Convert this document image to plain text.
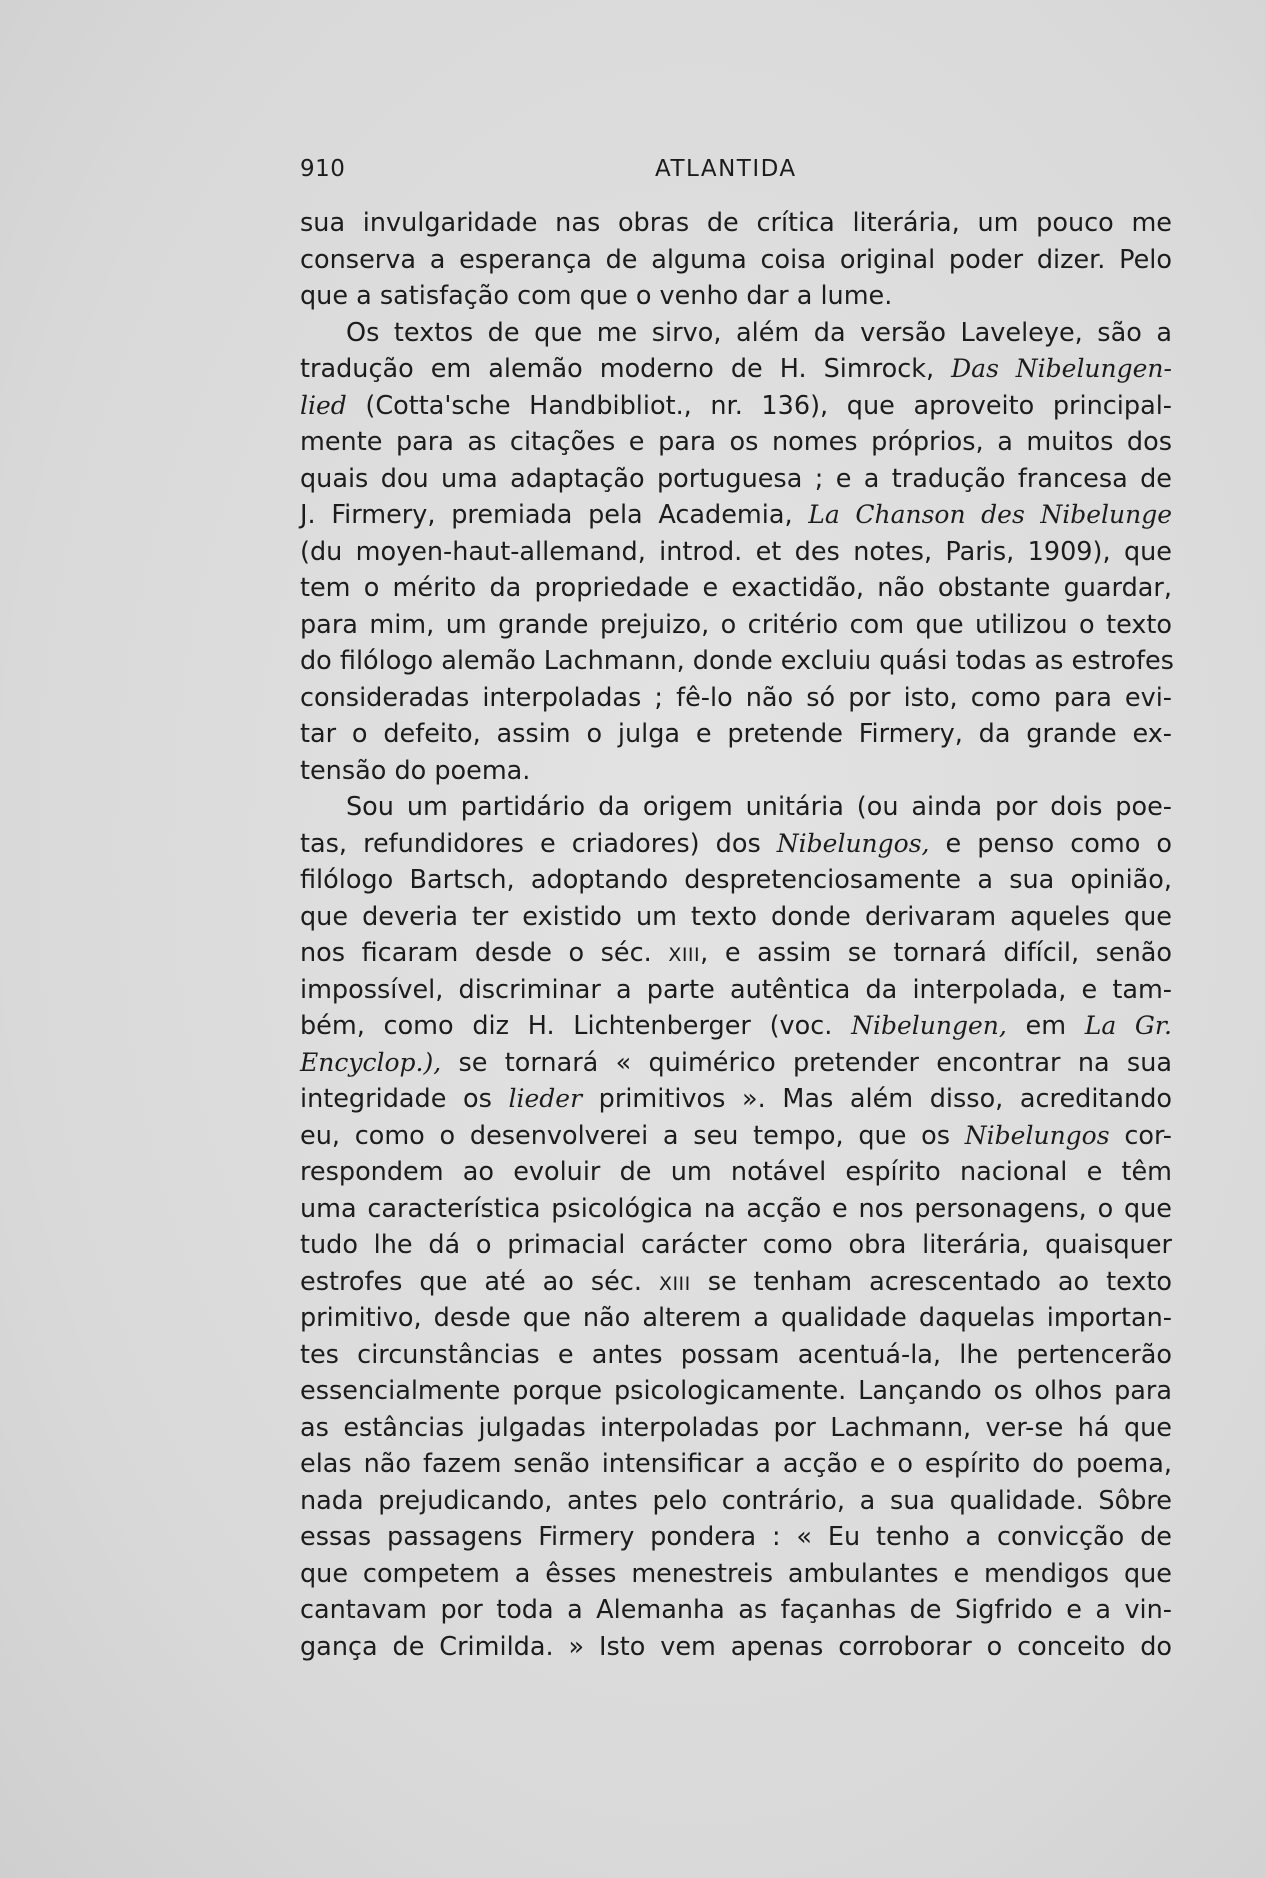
910	ATLANTIDA
sua invulgaridade nas obras de crítica literária, um pouco me
conserva a esperança de alguma coisa original poder dizer. Pelo
que a satisfação com que o venho dar a lume.
Os textos de que me sirvo, além da versão Laveleye, são a
tradução em alemão moderno de H. Simrock, Das Nibelungen-
lied (Cotta'sche Handbibliot., nr. 136), que aproveito principal-
mente para as citações e para os nomes próprios, a muitos dos
quais dou uma adaptação portuguesa ; e a tradução francesa de
J. Firmery, premiada pela Academia, La Chanson des Nibelunge
(du moyen-haut-allemand, introd. et des notes, Paris, 1909), que
tem o mérito da propriedade e exactidão, não obstante guardar,
para mim, um grande prejuizo, o critério com que utilizou o texto
do filólogo alemão Lachmann, donde excluiu quási todas as estrofes
consideradas interpoladas ; fê-lo não só por isto, como para evi-
tar o defeito, assim o julga e pretende Firmery, da grande ex-
tensão do poema.
Sou um partidário da origem unitária (ou ainda por dois poe-
tas, refundidores e criadores) dos Nibelungos, e penso como o
filólogo Bartsch, adoptando despretenciosamente a sua opinião,
que deveria ter existido um texto donde derivaram aqueles que
nos ficaram desde o séc. XIII, e assim se tornará difícil, senão
impossível, discriminar a parte autêntica da interpolada, e tam-
bém, como diz H. Lichtenberger (voc. Nibelungen, em La Gr.
Encyclop.), se tornará « quimérico pretender encontrar na sua
integridade os lieder primitivos ». Mas além disso, acreditando
eu, como o desenvolverei a seu tempo, que os Nibelungos cor-
respondem ao evoluir de um notável espírito nacional e têm
uma característica psicológica na acção e nos personagens, o que
tudo lhe dá o primacial carácter como obra literária, quaisquer
estrofes que até ao séc. XIII se tenham acrescentado ao texto
primitivo, desde que não alterem a qualidade daquelas importan-
tes circunstâncias e antes possam acentuá-la, lhe pertencerão
essencialmente porque psicologicamente. Lançando os olhos para
as estâncias julgadas interpoladas por Lachmann, ver-se há que
elas não fazem senão intensificar a acção e o espírito do poema,
nada prejudicando, antes pelo contrário, a sua qualidade. Sôbre
essas passagens Firmery pondera : « Eu tenho a convicção de
que competem a êsses menestreis ambulantes e mendigos que
cantavam por toda a Alemanha as façanhas de Sigfrido e a vin-
gança de Crimilda. » Isto vem apenas corroborar o conceito do
